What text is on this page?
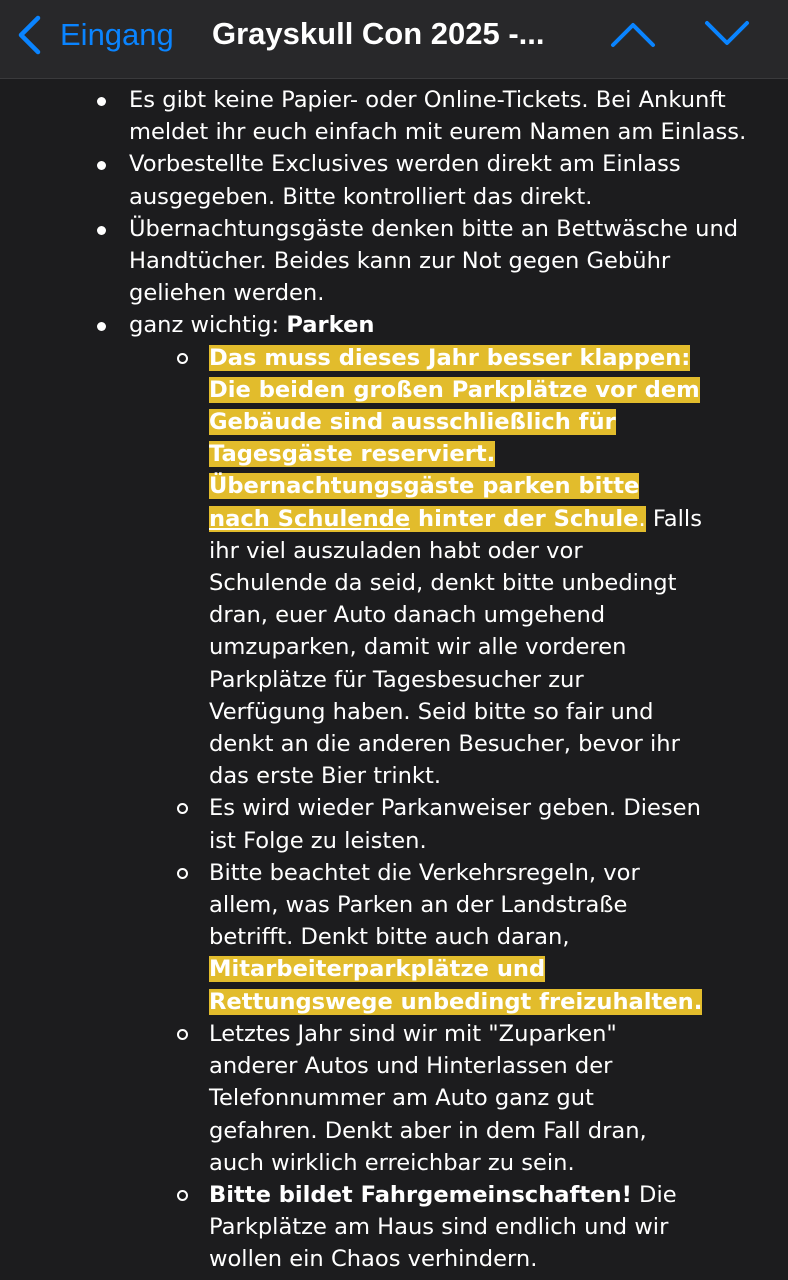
Eingang Grayskull Con 2025 -...
Es gibt keine Papier- oder Online-Tickets. Bei Ankunft meldet ihr euch einfach mit eurem Namen am Einlass.
Vorbestellte Exclusives werden direkt am Einlass ausgegeben. Bitte kontrolliert das direkt.
Übernachtungsgäste denken bitte an Bettwäsche und Handtücher. Beides kann zur Not gegen Gebühr geliehen werden.
ganz wichtig: Parken
Das muss dieses Jahr besser klappen: Die beiden großen Parkplätze vor dem Gebäude sind ausschließlich für Tagesgäste reserviert. Übernachtungsgäste parken bitte nach Schulende hinter der Schule. Falls ihr viel auszuladen habt oder vor Schulende da seid, denkt bitte unbedingt dran, euer Auto danach umgehend umzuparken, damit wir alle vorderen Parkplätze für Tagesbesucher zur Verfügung haben. Seid bitte so fair und denkt an die anderen Besucher, bevor ihr das erste Bier trinkt.
Es wird wieder Parkanweiser geben. Diesen ist Folge zu leisten.
Bitte beachtet die Verkehrsregeln, vor allem, was Parken an der Landstraße betrifft. Denkt bitte auch daran, Mitarbeiterparkplätze und Rettungswege unbedingt freizuhalten.
Letztes Jahr sind wir mit "Zuparken" anderer Autos und Hinterlassen der Telefonnummer am Auto ganz gut gefahren. Denkt aber in dem Fall dran, auch wirklich erreichbar zu sein.
Bitte bildet Fahrgemeinschaften! Die Parkplätze am Haus sind endlich und wir wollen ein Chaos verhindern.
